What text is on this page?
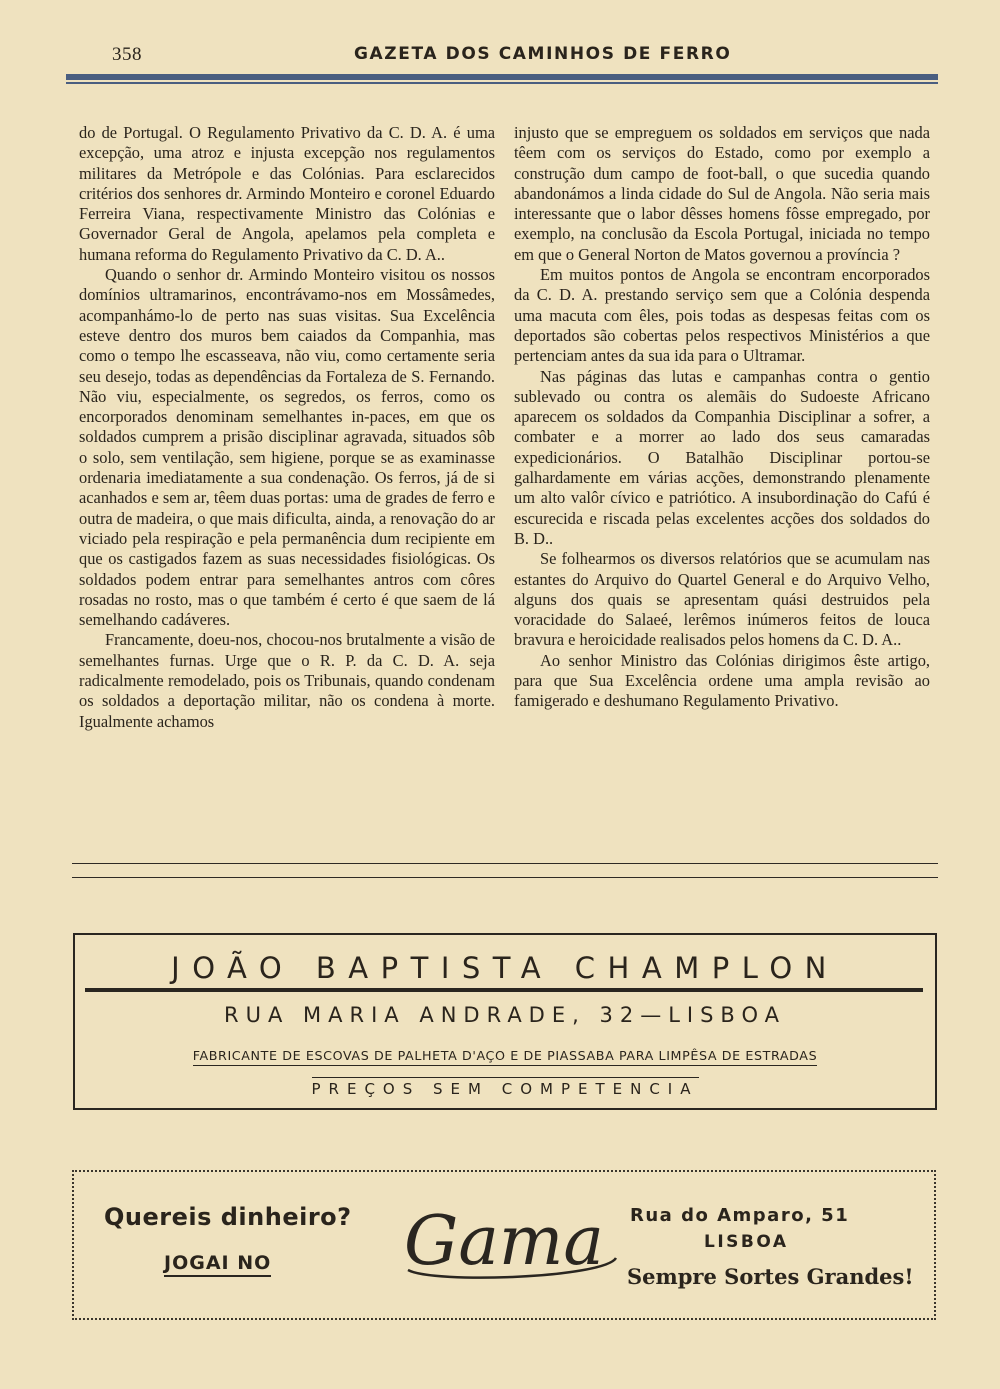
358	GAZETA DOS CAMINHOS DE FERRO

do de Portugal. O Regulamento Privativo da C. D. A. é uma excepção, uma atroz e injusta excepção nos regulamentos militares da Metrópole e das Colónias. Para esclarecidos critérios dos senhores dr. Armindo Monteiro e coronel Eduardo Ferreira Viana, respectivamente Ministro das Colónias e Governador Geral de Angola, apelamos pela completa e humana reforma do Regulamento Privativo da C. D. A..

Quando o senhor dr. Armindo Monteiro visitou os nossos domínios ultramarinos, encontrávamo-nos em Mossâmedes, acompanhámo-lo de perto nas suas visitas. Sua Excelência esteve dentro dos muros bem caiados da Companhia, mas como o tempo lhe escasseava, não viu, como certamente seria seu desejo, todas as dependências da Fortaleza de S. Fernando. Não viu, especialmente, os segredos, os ferros, como os encorporados denominam semelhantes in-paces, em que os soldados cumprem a prisão disciplinar agravada, situados sôb o solo, sem ventilação, sem higiene, porque se as examinasse ordenaria imediatamente a sua condenação. Os ferros, já de si acanhados e sem ar, têem duas portas: uma de grades de ferro e outra de madeira, o que mais dificulta, ainda, a renovação do ar viciado pela respiração e pela permanência dum recipiente em que os castigados fazem as suas necessidades fisiológicas. Os soldados podem entrar para semelhantes antros com côres rosadas no rosto, mas o que também é certo é que saem de lá semelhando cadáveres.

Francamente, doeu-nos, chocou-nos brutalmente a visão de semelhantes furnas. Urge que o R. P. da C. D. A. seja radicalmente remodelado, pois os Tribunais, quando condenam os soldados a deportação militar, não os condena à morte. Igualmente achamos

injusto que se empreguem os soldados em serviços que nada têem com os serviços do Estado, como por exemplo a construção dum campo de foot-ball, o que sucedia quando abandonámos a linda cidade do Sul de Angola. Não seria mais interessante que o labor dêsses homens fôsse empregado, por exemplo, na conclusão da Escola Portugal, iniciada no tempo em que o General Norton de Matos governou a província ?

Em muitos pontos de Angola se encontram encorporados da C. D. A. prestando serviço sem que a Colónia despenda uma macuta com êles, pois todas as despesas feitas com os deportados são cobertas pelos respectivos Ministérios a que pertenciam antes da sua ida para o Ultramar.

Nas páginas das lutas e campanhas contra o gentio sublevado ou contra os alemãis do Sudoeste Africano aparecem os soldados da Companhia Disciplinar a sofrer, a combater e a morrer ao lado dos seus camaradas expedicionários. O Batalhão Disciplinar portou-se galhardamente em várias acções, demonstrando plenamente um alto valôr cívico e patriótico. A insubordinação do Cafú é escurecida e riscada pelas excelentes acções dos soldados do B. D..

Se folhearmos os diversos relatórios que se acumulam nas estantes do Arquivo do Quartel General e do Arquivo Velho, alguns dos quais se apresentam quási destruidos pela voracidade do Salaeé, lerêmos inúmeros feitos de louca bravura e heroicidade realisados pelos homens da C. D. A..

Ao senhor Ministro das Colónias dirigimos êste artigo, para que Sua Excelência ordene uma ampla revisão ao famigerado e deshumano Regulamento Privativo.

JOÃO BAPTISTA CHAMPLON
RUA MARIA ANDRADE, 32—LISBOA
FABRICANTE DE ESCOVAS DE PALHETA D'AÇO E DE PIASSABA PARA LIMPÊSA DE ESTRADAS
PREÇOS SEM COMPETENCIA
Quereis dinheiro?
JOGAI NO Gama Rua do Amparo, 51
LISBOA
Sempre Sortes Grandes!
